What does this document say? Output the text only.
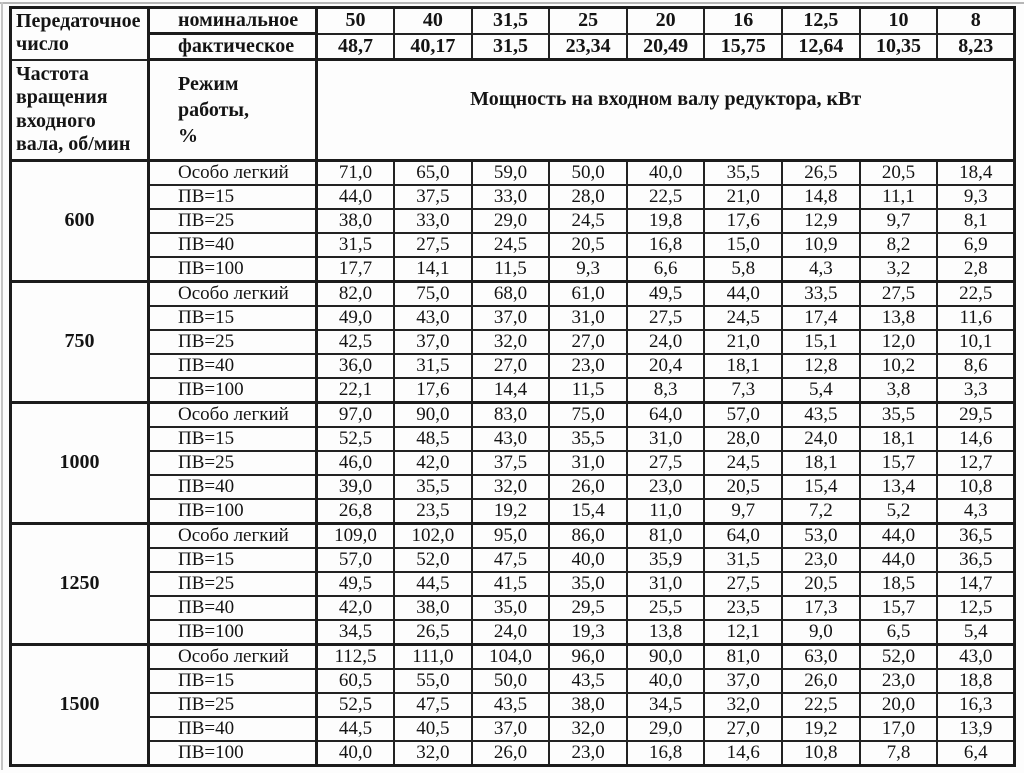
Передаточное число	номинальное	50	40	31,5	25	20	16	12,5	10	8
	фактическое	48,7	40,17	31,5	23,34	20,49	15,75	12,64	10,35	8,23
Частота вращения входного вала, об/мин	Режим работы, %	Мощность на входном валу редуктора, кВт								
600	Особо легкий	71,0	65,0	59,0	50,0	40,0	35,5	26,5	20,5	18,4
	ПВ=15	44,0	37,5	33,0	28,0	22,5	21,0	14,8	11,1	9,3
	ПВ=25	38,0	33,0	29,0	24,5	19,8	17,6	12,9	9,7	8,1
	ПВ=40	31,5	27,5	24,5	20,5	16,8	15,0	10,9	8,2	6,9
	ПВ=100	17,7	14,1	11,5	9,3	6,6	5,8	4,3	3,2	2,8
750	Особо легкий	82,0	75,0	68,0	61,0	49,5	44,0	33,5	27,5	22,5
	ПВ=15	49,0	43,0	37,0	31,0	27,5	24,5	17,4	13,8	11,6
	ПВ=25	42,5	37,0	32,0	27,0	24,0	21,0	15,1	12,0	10,1
	ПВ=40	36,0	31,5	27,0	23,0	20,4	18,1	12,8	10,2	8,6
	ПВ=100	22,1	17,6	14,4	11,5	8,3	7,3	5,4	3,8	3,3
1000	Особо легкий	97,0	90,0	83,0	75,0	64,0	57,0	43,5	35,5	29,5
	ПВ=15	52,5	48,5	43,0	35,5	31,0	28,0	24,0	18,1	14,6
	ПВ=25	46,0	42,0	37,5	31,0	27,5	24,5	18,1	15,7	12,7
	ПВ=40	39,0	35,5	32,0	26,0	23,0	20,5	15,4	13,4	10,8
	ПВ=100	26,8	23,5	19,2	15,4	11,0	9,7	7,2	5,2	4,3
1250	Особо легкий	109,0	102,0	95,0	86,0	81,0	64,0	53,0	44,0	36,5
	ПВ=15	57,0	52,0	47,5	40,0	35,9	31,5	23,0	44,0	36,5
	ПВ=25	49,5	44,5	41,5	35,0	31,0	27,5	20,5	18,5	14,7
	ПВ=40	42,0	38,0	35,0	29,5	25,5	23,5	17,3	15,7	12,5
	ПВ=100	34,5	26,5	24,0	19,3	13,8	12,1	9,0	6,5	5,4
1500	Особо легкий	112,5	111,0	104,0	96,0	90,0	81,0	63,0	52,0	43,0
	ПВ=15	60,5	55,0	50,0	43,5	40,0	37,0	26,0	23,0	18,8
	ПВ=25	52,5	47,5	43,5	38,0	34,5	32,0	22,5	20,0	16,3
	ПВ=40	44,5	40,5	37,0	32,0	29,0	27,0	19,2	17,0	13,9
	ПВ=100	40,0	32,0	26,0	23,0	16,8	14,6	10,8	7,8	6,4
